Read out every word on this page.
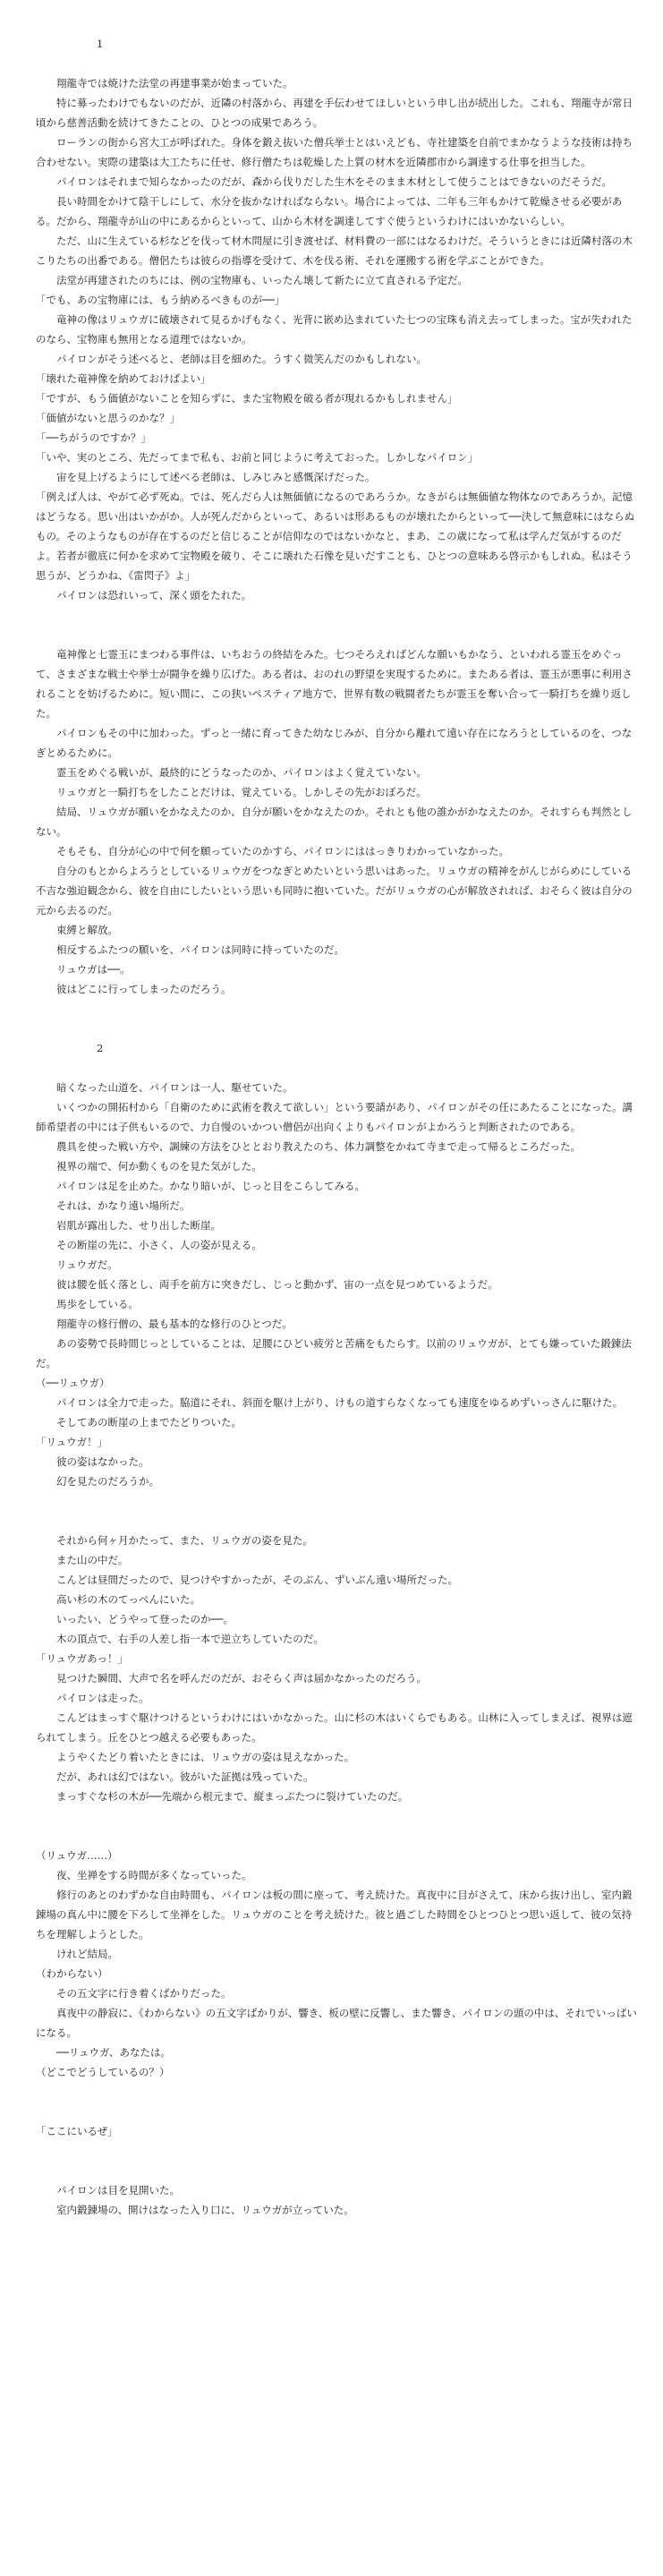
1

　翔龍寺では焼けた法堂の再建事業が始まっていた。

　特に募ったわけでもないのだが、近隣の村落から、再建を手伝わせてほしいという申し出が続出した。これも、翔龍寺が常日頃から慈善活動を続けてきたことの、ひとつの成果であろう。

　ローランの街から宮大工が呼ばれた。身体を鍛え抜いた僧兵挙士とはいえども、寺社建築を自前でまかなうような技術は持ち合わせない。実際の建築は大工たちに任せ、修行僧たちは乾燥した上質の材木を近隣郡市から調達する仕事を担当した。

　パイロンはそれまで知らなかったのだが、森から伐りだした生木をそのまま木材として使うことはできないのだそうだ。

　長い時間をかけて陰干しにして、水分を抜かなければならない。場合によっては、二年も三年もかけて乾燥させる必要がある。だから、翔龍寺が山の中にあるからといって、山から木材を調達してすぐ使うというわけにはいかないらしい。

　ただ、山に生えている杉などを伐って材木問屋に引き渡せば、材料費の一部にはなるわけだ。そういうときには近隣村落の木こりたちの出番である。僧侶たちは彼らの指導を受けて、木を伐る術、それを運搬する術を学ぶことができた。

　法堂が再建されたのちには、例の宝物庫も、いったん壊して新たに立て直される予定だ。

「でも、あの宝物庫には、もう納めるべきものが──」

　竜神の像はリュウガに破壊されて見るかげもなく、光背に嵌め込まれていた七つの宝珠も消え去ってしまった。宝が失われたのなら、宝物庫も無用となる道理ではないか。

　パイロンがそう述べると、老師は目を細めた。うすく微笑んだのかもしれない。

「壊れた竜神像を納めておけばよい」

「ですが、もう価値がないことを知らずに、また宝物殿を破る者が現れるかもしれません」

「価値がないと思うのかな？」

「──ちがうのですか？」

「いや、実のところ、先だってまで私も、お前と同じように考えておった。しかしなパイロン」

　宙を見上げるようにして述べる老師は、しみじみと感慨深げだった。

「例えば人は、やがて必ず死ぬ。では、死んだら人は無価値になるのであろうか。なきがらは無価値な物体なのであろうか。記憶はどうなる。思い出はいかがか。人が死んだからといって、あるいは形あるものが壊れたからといって──決して無意味にはならぬもの。そのようなものが存在するのだと信じることが信仰なのではないかなと、まあ、この歳になって私は学んだ気がするのだよ。若者が徹底に何かを求めて宝物殿を破り、そこに壊れた石像を見いだすことも、ひとつの意味ある啓示かもしれぬ。私はそう思うが、どうかね、《雷閃子》よ」

　パイロンは恐れいって、深く頭をたれた。

　竜神像と七霊玉にまつわる事件は、いちおうの終結をみた。七つそろえればどんな願いもかなう、といわれる霊玉をめぐって、さまざまな戦士や挙士が闘争を繰り広げた。ある者は、おのれの野望を実現するために。またある者は、霊玉が悪事に利用されることを妨げるために。短い間に、この狭いペスティア地方で、世界有数の戦闘者たちが霊玉を奪い合って一騎打ちを繰り返した。

　パイロンもその中に加わった。ずっと一緒に育ってきた幼なじみが、自分から離れて遠い存在になろうとしているのを、つなぎとめるために。

　霊玉をめぐる戦いが、最終的にどうなったのか、パイロンはよく覚えていない。

　リュウガと一騎打ちをしたことだけは、覚えている。しかしその先がおぼろだ。

　結局、リュウガが願いをかなえたのか、自分が願いをかなえたのか。それとも他の誰かがかなえたのか。それすらも判然としない。

　そもそも、自分が心の中で何を願っていたのかすら、パイロンにははっきりわかっていなかった。

　自分のもとからよろうとしているリュウガをつなぎとめたいという思いはあった。リュウガの精神をがんじがらめにしている不吉な強迫観念から、彼を自由にしたいという思いも同時に抱いていた。だがリュウガの心が解放されれば、おそらく彼は自分の元から去るのだ。

　束縛と解放。

　相反するふたつの願いを、パイロンは同時に持っていたのだ。

　リュウガは──。

　彼はどこに行ってしまったのだろう。

2

　暗くなった山道を、パイロンは一人、駆せていた。

　いくつかの開拓村から「自衛のために武術を教えて欲しい」という要請があり、パイロンがその任にあたることになった。講師希望者の中には子供もいるので、力自慢のいかつい僧侶が出向くよりもパイロンがよかろうと判断されたのである。

　農具を使った戦い方や、調練の方法をひととおり教えたのち、体力調整をかねて寺まで走って帰るところだった。

　視界の端で、何か動くものを見た気がした。

　パイロンは足を止めた。かなり暗いが、じっと目をこらしてみる。

　それは、かなり遠い場所だ。

　岩肌が露出した、せり出した断崖。

　その断崖の先に、小さく、人の姿が見える。

　リュウガだ。

　彼は腰を低く落とし、両手を前方に突きだし、じっと動かず、宙の一点を見つめているようだ。

　馬歩をしている。

　翔龍寺の修行僧の、最も基本的な修行のひとつだ。

　あの姿勢で長時間じっとしていることは、足腰にひどい疲労と苦痛をもたらす。以前のリュウガが、とても嫌っていた鍛錬法だ。

（──リュウガ）

　パイロンは全力で走った。脇道にそれ、斜面を駆け上がり、けもの道すらなくなっても速度をゆるめずいっさんに駆けた。

　そしてあの断崖の上までたどりついた。

「リュウガ！」

　彼の姿はなかった。

　幻を見たのだろうか。

　それから何ヶ月かたって、また、リュウガの姿を見た。

　また山の中だ。

　こんどは昼間だったので、見つけやすかったが、そのぶん、ずいぶん遠い場所だった。

　高い杉の木のてっぺんにいた。

　いったい、どうやって登ったのか──。

　木の頂点で、右手の人差し指一本で逆立ちしていたのだ。

「リュウガあっ！」

　見つけた瞬間、大声で名を呼んだのだが、おそらく声は届かなかったのだろう。

　パイロンは走った。

　こんどはまっすぐ駆けつけるというわけにはいかなかった。山に杉の木はいくらでもある。山林に入ってしまえば、視界は遮られてしまう。丘をひとつ越える必要もあった。

　ようやくたどり着いたときには、リュウガの姿は見えなかった。

　だが、あれは幻ではない。彼がいた証拠は残っていた。

　まっすぐな杉の木が──先端から根元まで、縦まっぷたつに裂けていたのだ。

（リュウガ……）

　夜、坐禅をする時間が多くなっていった。

　修行のあとのわずかな自由時間も、パイロンは板の間に座って、考え続けた。真夜中に目がさえて、床から抜け出し、室内鍛錬場の真ん中に腰を下ろして坐禅をした。リュウガのことを考え続けた。彼と過ごした時間をひとつひとつ思い返して、彼の気持ちを理解しようとした。

　けれど結局。

（わからない）

　その五文字に行き着くばかりだった。

　真夜中の静寂に、《わからない》の五文字ばかりが、響き、板の壁に反響し、また響き、パイロンの頭の中は、それでいっぱいになる。

　──リュウガ、あなたは。

（どこでどうしているの？）

「ここにいるぜ」

　パイロンは目を見開いた。

　室内鍛錬場の、開けはなった入り口に、リュウガが立っていた。
